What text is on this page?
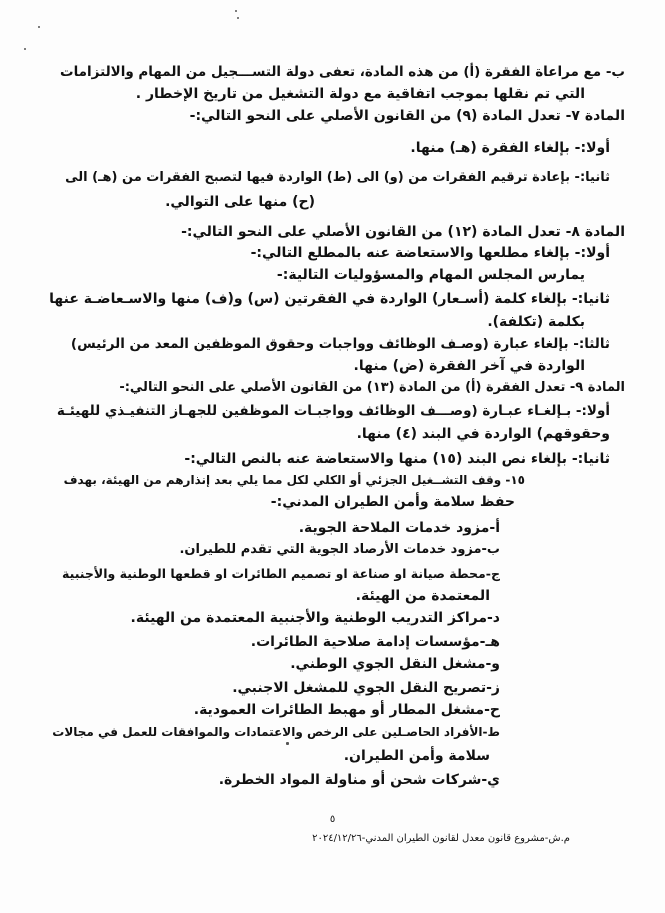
ب- مع مراعاة الفقرة (أ) من هذه المادة، تعفى دولة التســـجيل من المهام والالتزامات
التي تم نقلها بموجب اتفاقية مع دولة التشغيل من تاريخ الإخطار .
المادة ٧- تعدل المادة (٩) من القانون الأصلي على النحو التالي:-
أولا:- بإلغاء الفقرة (هـ) منها.
ثانيا:- بإعادة ترقيم الفقرات من (و) الى (ط) الواردة فيها لتصبح الفقرات من (هـ) الى
(ح) منها على التوالي.
المادة ٨- تعدل المادة (١٢) من القانون الأصلي على النحو التالي:-
أولا:- بإلغاء مطلعها والاستعاضة عنه بالمطلع التالي:-
يمارس المجلس المهام والمسؤوليات التالية:-
ثانيا:- بإلغاء كلمة (أسـعار) الواردة في الفقرتين (س) و(ف) منها والاسـعاضـة عنها
بكلمة (تكلفة).
ثالثا:- بإلغاء عبارة (وصـف الوظائف وواجبات وحقوق الموظفين المعد من الرئيس)
الواردة في آخر الفقرة (ض) منها.
المادة ٩- تعدل الفقرة (أ) من المادة (١٣) من القانون الأصلي على النحو التالي:-
أولا:- بـإلغـاء عبـارة (وصـــف الوظائف وواجبـات الموظفين للجهـاز التنفيـذي للهيئـة
وحقوقهم) الواردة في البند (٤) منها.
ثانيا:- بإلغاء نص البند (١٥) منها والاستعاضة عنه بالنص التالي:-
١٥- وقف التشــغيل الجزئي أو الكلي لكل مما يلي بعد إنذارهم من الهيئة، بهدف
حفظ سلامة وأمن الطيران المدني:-
أ-مزود خدمات الملاحة الجوية.
ب-مزود خدمات الأرصاد الجوية التي تقدم للطيران.
ج-محطة صيانة او صناعة او تصميم الطائرات او قطعها الوطنية والأجنبية
المعتمدة من الهيئة.
د-مراكز التدريب الوطنية والأجنبية المعتمدة من الهيئة.
هـ-مؤسسات إدامة صلاحية الطائرات.
و-مشغل النقل الجوي الوطني.
ز-تصريح النقل الجوي للمشغل الاجنبي.
ح-مشغل المطار أو مهبط الطائرات العمودية.
ط-الأفراد الحاصـلين على الرخص والاعتمادات والموافقات للعمل في مجالات
سلامة وأمن الطيران.
ي-شركات شحن أو مناولة المواد الخطرة.
٥
م.ش-مشروع قانون معدل لقانون الطيران المدني-٢٠٢٤/١٢/٢٦
